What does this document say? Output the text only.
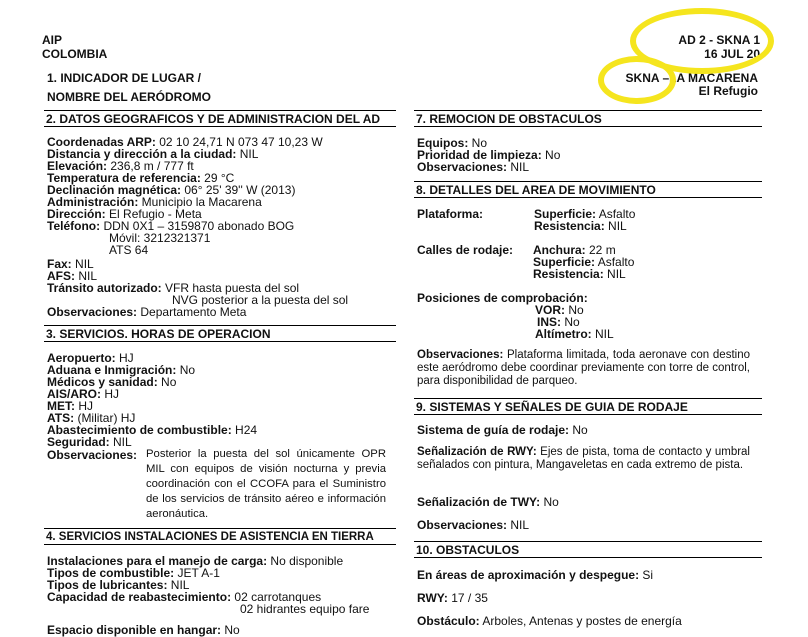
AIP
COLOMBIA
AD 2 - SKNA 1
16 JUL 20
1. INDICADOR DE LUGAR /
NOMBRE DEL AERÓDROMO
SKNA –LA MACARENA
El Refugio
2. DATOS GEOGRAFICOS Y DE ADMINISTRACION DEL AD
Coordenadas ARP: 02 10 24,71 N 073 47 10,23 W
Distancia y dirección a la ciudad: NIL
Elevación: 236,8 m / 777 ft
Temperatura de referencia: 29 °C
Declinación magnética: 06° 25' 39'' W (2013)
Administración: Municipio la Macarena
Dirección: El Refugio - Meta
Teléfono: DDN 0X1 – 3159870 abonado BOG
Móvil: 3212321371
ATS 64
Fax: NIL
AFS: NIL
Tránsito autorizado: VFR hasta puesta del sol
NVG posterior a la puesta del sol
Observaciones: Departamento Meta
3. SERVICIOS. HORAS DE OPERACION
Aeropuerto: HJ
Aduana e Inmigración: No
Médicos y sanidad: No
AIS/ARO: HJ
MET: HJ
ATS: (Militar) HJ
Abastecimiento de combustible: H24
Seguridad: NIL
Observaciones: Posterior la puesta del sol únicamente OPR MIL con equipos de visión nocturna y previa coordinación con el CCOFA para el Suministro de los servicios de tránsito aéreo e información aeronáutica.
4. SERVICIOS INSTALACIONES DE ASISTENCIA EN TIERRA
Instalaciones para el manejo de carga: No disponible
Tipos de combustible: JET A-1
Tipos de lubricantes: NIL
Capacidad de reabastecimiento: 02 carrotanques
02 hidrantes equipo fare
Espacio disponible en hangar: No
7. REMOCION DE OBSTACULOS
Equipos: No
Prioridad de limpieza: No
Observaciones: NIL
8. DETALLES DEL AREA DE MOVIMIENTO
Plataforma:	Superficie: Asfalto
Resistencia: NIL
Calles de rodaje: Anchura: 22 m
Superficie: Asfalto
Resistencia: NIL
Posiciones de comprobación:
VOR: No
INS: No
Altímetro: NIL
Observaciones: Plataforma limitada, toda aeronave con destino este aeródromo debe coordinar previamente con torre de control, para disponibilidad de parqueo.
9. SISTEMAS Y SEÑALES DE GUIA DE RODAJE
Sistema de guía de rodaje: No
Señalización de RWY: Ejes de pista, toma de contacto y umbral señalados con pintura, Mangaveletas en cada extremo de pista.
Señalización de TWY: No
Observaciones: NIL
10. OBSTACULOS
En áreas de aproximación y despegue: Si
RWY: 17 / 35
Obstáculo: Arboles, Antenas y postes de energía
